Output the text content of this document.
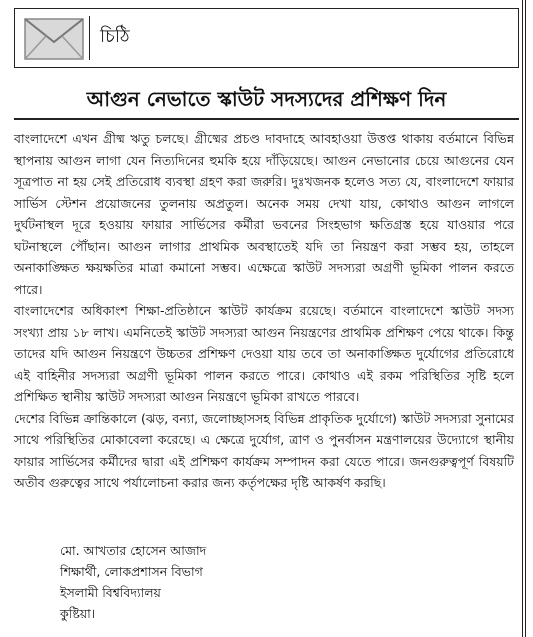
চিঠি
আগুন নেভাতে স্কাউট সদস্যদের প্রশিক্ষণ দিন

বাংলাদেশে এখন গ্রীষ্ম ঋতু চলছে। গ্রীষ্মের প্রচণ্ড দাবদাহে আবহাওয়া উত্তপ্ত থাকায় বর্তমানে বিভিন্ন স্থাপনায় আগুন লাগা যেন নিত্যদিনের হুমকি হয়ে দাঁড়িয়েছে। আগুন নেভানোর চেয়ে আগুনের যেন সূত্রপাত না হয় সেই প্রতিরোধ ব্যবস্থা গ্রহণ করা জরুরি। দুঃখজনক হলেও সত্য যে, বাংলাদেশে ফায়ার সার্ভিস স্টেশন প্রয়োজনের তুলনায় অপ্রতুল। অনেক সময় দেখা যায়, কোথাও আগুন লাগলে দুর্ঘটনাস্থল দূরে হওয়ায় ফায়ার সার্ভিসের কর্মীরা ভবনের সিংহভাগ ক্ষতিগ্রস্ত হয়ে যাওয়ার পরে ঘটনাস্থলে পৌঁছান। আগুন লাগার প্রাথমিক অবস্থাতেই যদি তা নিয়ন্ত্রণ করা সম্ভব হয়, তাহলে অনাকাঙ্ক্ষিত ক্ষয়ক্ষতির মাত্রা কমানো সম্ভব। এক্ষেত্রে স্কাউট সদস্যরা অগ্রণী ভূমিকা পালন করতে পারে।

বাংলাদেশের অধিকাংশ শিক্ষা-প্রতিষ্ঠানে স্কাউট কার্যক্রম রয়েছে। বর্তমানে বাংলাদেশে স্কাউট সদস্য সংখ্যা প্রায় ১৮ লাখ। এমনিতেই স্কাউট সদস্যরা আগুন নিয়ন্ত্রণের প্রাথমিক প্রশিক্ষণ পেয়ে থাকে। কিন্তু তাদের যদি আগুন নিয়ন্ত্রণে উচ্চতর প্রশিক্ষণ দেওয়া যায় তবে তা অনাকাঙ্ক্ষিত দুর্যোগের প্রতিরোধে এই বাহিনীর সদস্যরা অগ্রণী ভূমিকা পালন করতে পারে। কোথাও এই রকম পরিস্থিতির সৃষ্টি হলে প্রশিক্ষিত স্থানীয় স্কাউট সদস্যরা আগুন নিয়ন্ত্রণে ভূমিকা রাখতে পারবে।

দেশের বিভিন্ন ক্রান্তিকালে (ঝড়, বন্যা, জলোচ্ছাসসহ বিভিন্ন প্রাকৃতিক দুর্যোগে) স্কাউট সদস্যরা সুনামের সাথে পরিস্থিতির মোকাবেলা করেছে। এ ক্ষেত্রে দুর্যোগ, ত্রাণ ও পুনর্বাসন মন্ত্রণালয়ের উদ্যোগে স্থানীয় ফায়ার সার্ভিসের কর্মীদের দ্বারা এই প্রশিক্ষণ কার্যক্রম সম্পাদন করা যেতে পারে। জনগুরুত্বপূর্ণ বিষয়টি অতীব গুরুত্বের সাথে পর্যালোচনা করার জন্য কর্তৃপক্ষের দৃষ্টি আকর্ষণ করছি।

মো. আখতার হোসেন আজাদ
শিক্ষার্থী, লোকপ্রশাসন বিভাগ
ইসলামী বিশ্ববিদ্যালয়
কুষ্টিয়া।
